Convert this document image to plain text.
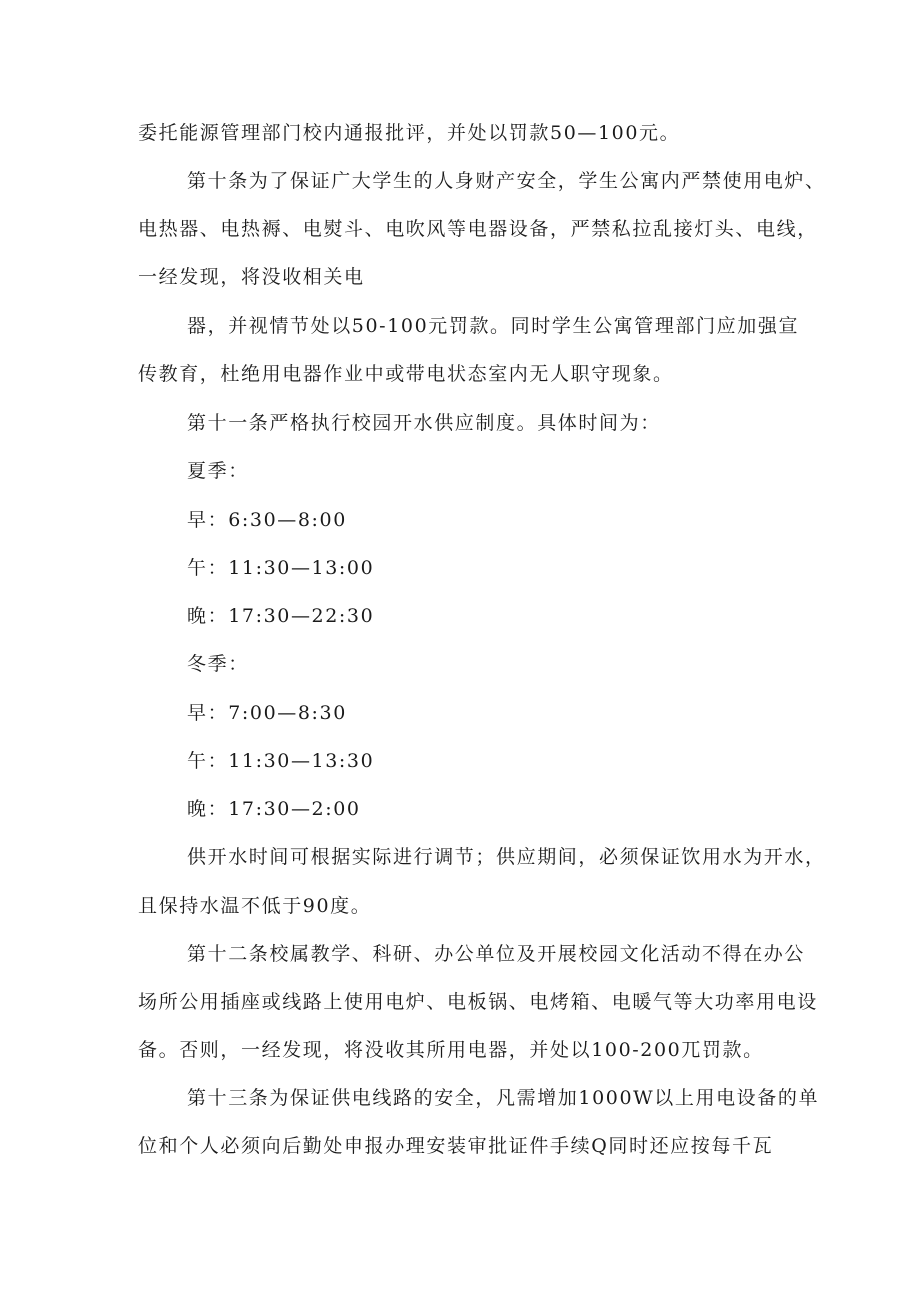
委托能源管理部门校内通报批评，并处以罚款50—100元。
第十条为了保证广大学生的人身财产安全，学生公寓内严禁使用电炉、
电热器、电热褥、电熨斗、电吹风等电器设备，严禁私拉乱接灯头、电线，
一经发现，将没收相关电
器，并视情节处以50-100元罚款。同时学生公寓管理部门应加强宣
传教育，杜绝用电器作业中或带电状态室内无人职守现象。
第十一条严格执行校园开水供应制度。具体时间为：
夏季：
早：6:30—8:00
午：11:30—13:00
晚：17:30—22:30
冬季：
早：7:00—8:30
午：11:30—13:30
晚：17:30—2:00
供开水时间可根据实际进行调节；供应期间，必须保证饮用水为开水，
且保持水温不低于90度。
第十二条校属教学、科研、办公单位及开展校园文化活动不得在办公
场所公用插座或线路上使用电炉、电板锅、电烤箱、电暖气等大功率用电设
备。否则，一经发现，将没收其所用电器，并处以100-200兀罚款。
第十三条为保证供电线路的安全，凡需增加1000W以上用电设备的单
位和个人必须向后勤处申报办理安装审批证件手续Q同时还应按每千瓦
